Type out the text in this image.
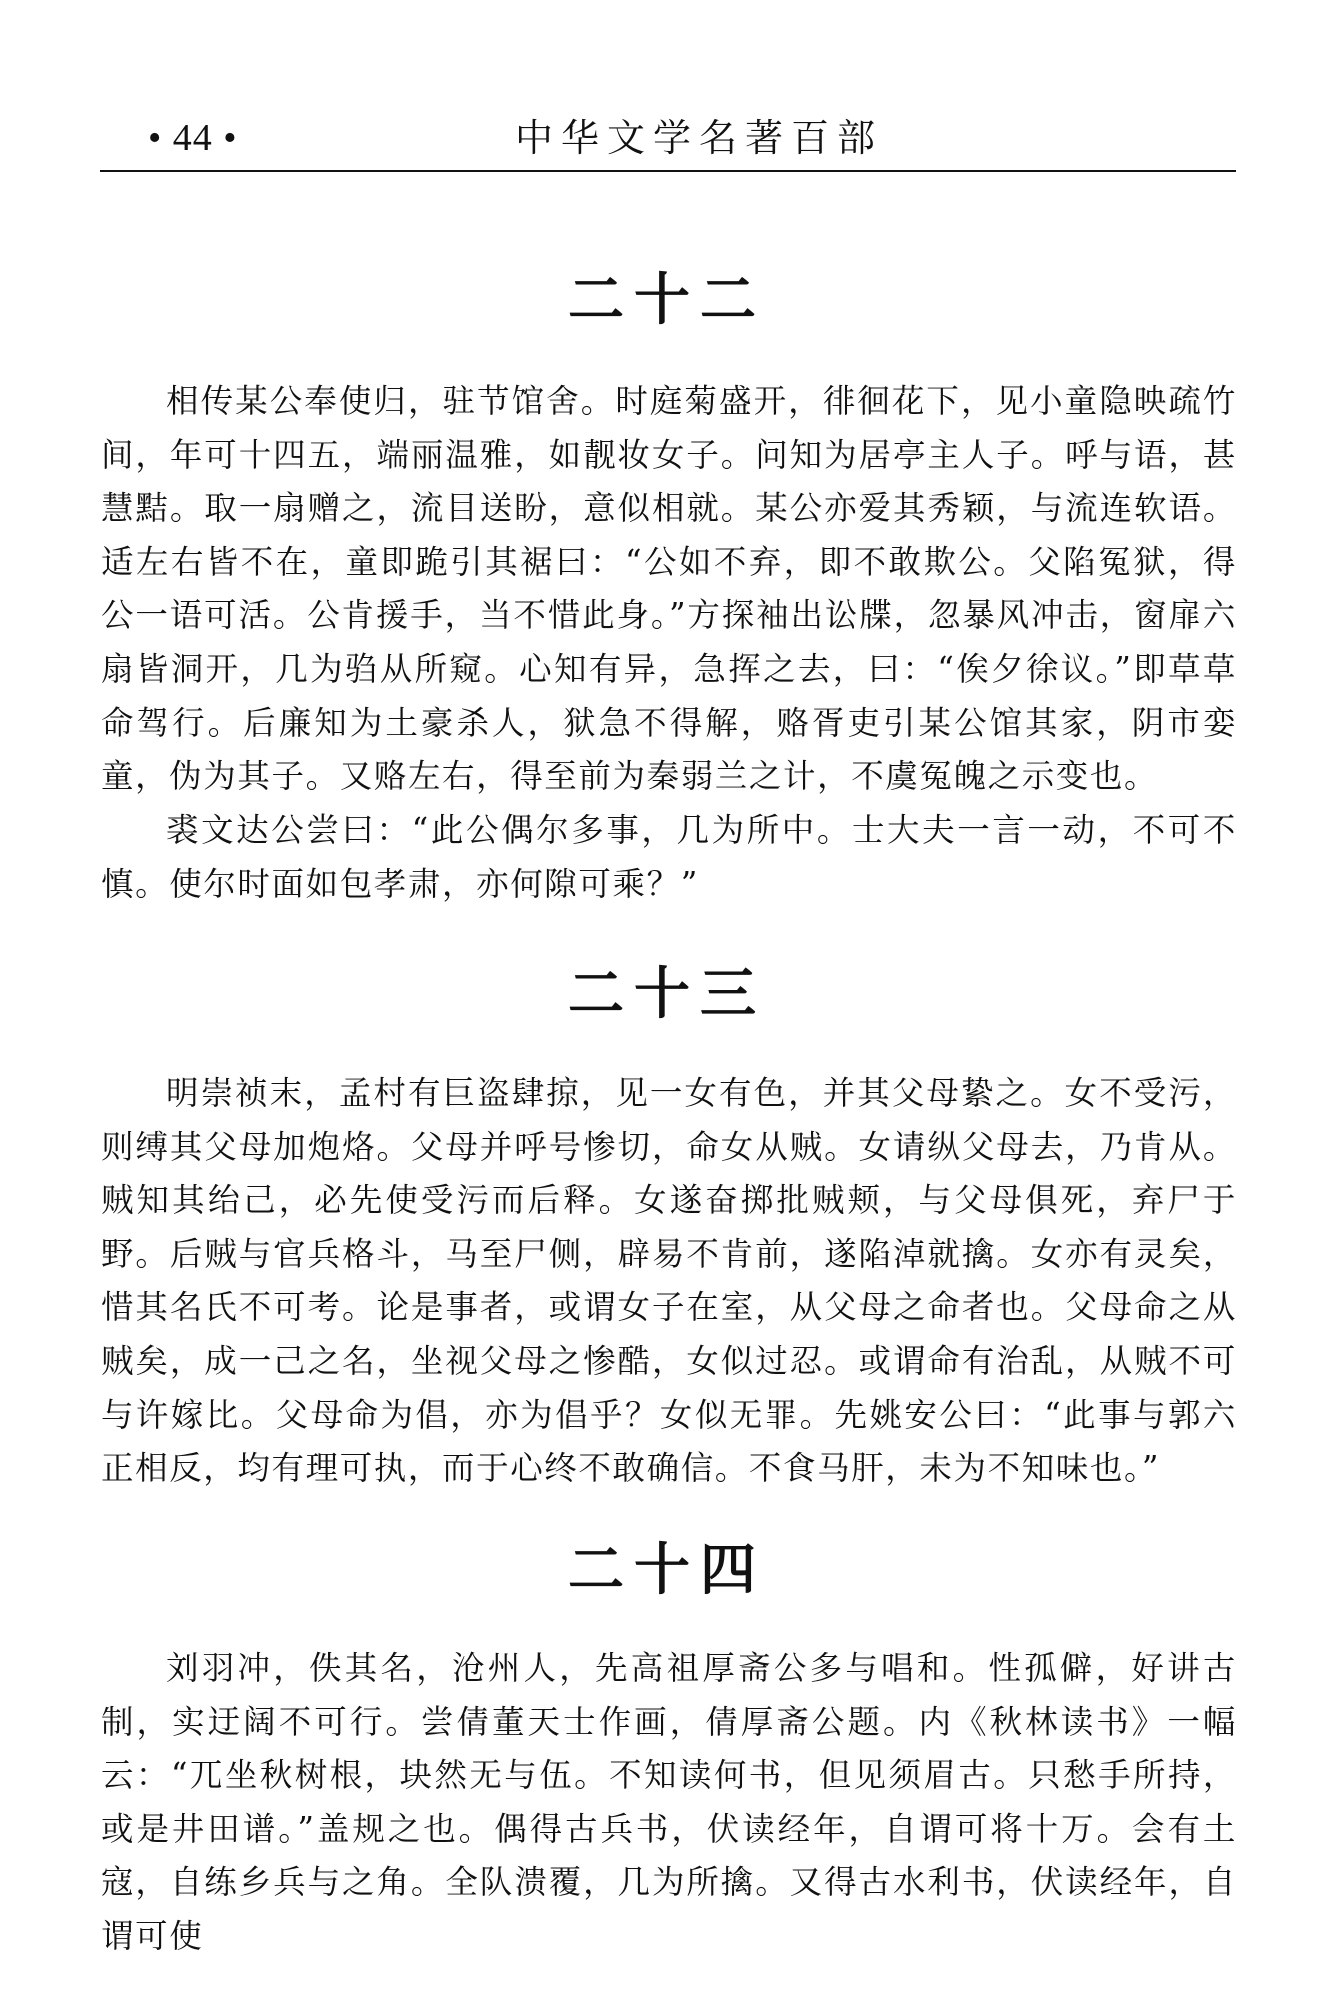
• 44 •	中华文学名著百部
二十二

相传某公奉使归，驻节馆舍。时庭菊盛开，徘徊花下，见小童隐映疏竹间，年可十四五，端丽温雅，如靓妆女子。问知为居亭主人子。呼与语，甚慧黠。取一扇赠之，流目送盼，意似相就。某公亦爱其秀颖，与流连软语。适左右皆不在，童即跪引其裾曰：“公如不弃，即不敢欺公。父陷冤狱，得公一语可活。公肯援手，当不惜此身。”方探袖出讼牒，忽暴风冲击，窗扉六扇皆洞开，几为驺从所窥。心知有异，急挥之去，曰：“俟夕徐议。”即草草命驾行。后廉知为土豪杀人，狱急不得解，赂胥吏引某公馆其家，阴市娈童，伪为其子。又赂左右，得至前为秦弱兰之计，不虞冤魄之示变也。

裘文达公尝曰：“此公偶尔多事，几为所中。士大夫一言一动，不可不慎。使尔时面如包孝肃，亦何隙可乘？”

二十三

明崇祯末，孟村有巨盗肆掠，见一女有色，并其父母絷之。女不受污，则缚其父母加炮烙。父母并呼号惨切，命女从贼。女请纵父母去，乃肯从。贼知其绐己，必先使受污而后释。女遂奋掷批贼颊，与父母俱死，弃尸于野。后贼与官兵格斗，马至尸侧，辟易不肯前，遂陷淖就擒。女亦有灵矣，惜其名氏不可考。论是事者，或谓女子在室，从父母之命者也。父母命之从贼矣，成一己之名，坐视父母之惨酷，女似过忍。或谓命有治乱，从贼不可与许嫁比。父母命为倡，亦为倡乎？女似无罪。先姚安公曰：“此事与郭六正相反，均有理可执，而于心终不敢确信。不食马肝，未为不知味也。”

二十四

刘羽冲，佚其名，沧州人，先高祖厚斋公多与唱和。性孤僻，好讲古制，实迂阔不可行。尝倩董天士作画，倩厚斋公题。内《秋林读书》一幅云：“兀坐秋树根，块然无与伍。不知读何书，但见须眉古。只愁手所持，或是井田谱。”盖规之也。偶得古兵书，伏读经年，自谓可将十万。会有土寇，自练乡兵与之角。全队溃覆，几为所擒。又得古水利书，伏读经年，自谓可使
